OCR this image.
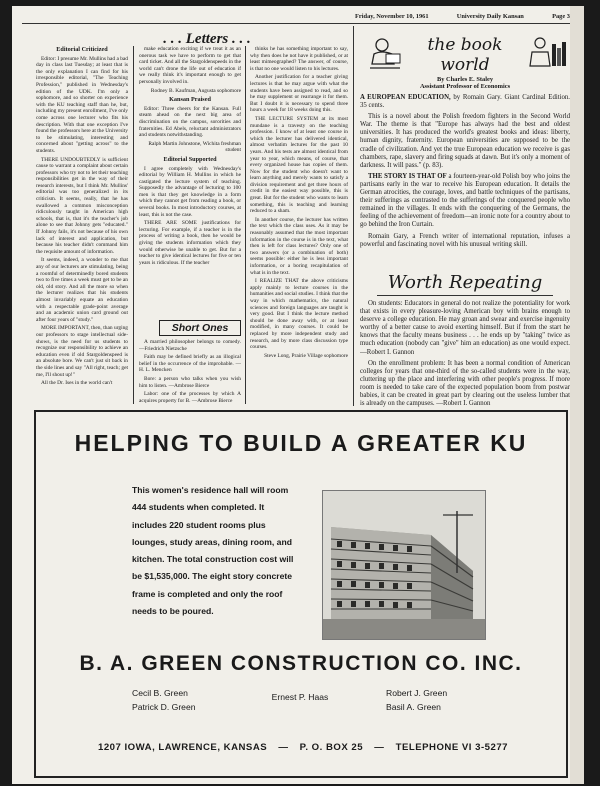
Friday, November 10, 1961	University Daily Kansan	Page 3
. . . Letters . . .
Editorial Criticized

Editor: I presume Mr. Mullins had a bad day in class last Tuesday; at least that is the only explanation I can find for his irresponsible editorial, "The Teaching Profession," published in Wednesday's edition of the UDK. I'm only a sophomore, and so shorter on experience with the KU teaching staff than he, but, including my present enrollment, I've only come across one lecturer who fits his description. With that one exception I've found the professors here at the University to be stimulating, interesting and concerned about "getting across" to the students.

THERE UNDOUBTEDLY is sufficient cause to warrant a complaint about certain professors who try not to let their teaching responsibilities get in the way of their research interests, but I think Mr. Mullins' editorial was too generalized in its criticism. It seems, really, that he has swallowed a common misconception ridiculously taught in American high schools, that is, that it's the teacher's job alone to see that Johnny gets "educated." If Johnny fails, it's not because of his own lack of interest and application, but because his teacher didn't command him the requisite amount of information.

It seems, indeed, a wonder to me that any of our lecturers are stimulating, being a roomful of determinedly bored students two to five times a week must get to be an old, old story. And all the more so when the lecturer realizes that his students almost invariably equate an education with a respectable grade-point average and an academic union card ground out after four years of "study."

MORE IMPORTANT, then, than urging our professors to stage intellectual side-shows, is the need for us students to recognize our responsibility to achieve an education even if old Stargoldenspeed is an absolute bore. We can't just sit back in the side lines and say "All right, teach; get me, I'll shout up!"

All the Dr. Ises in the world can't

make education exciting if we treat it as an onerous task we have to perform to get that card ticket. And all the Stargoldenspeeds in the world can't drone the life out of education if we really think it's important enough to get personally involved in.

Rodney B. Kaufman, Augusta sophomore
Kansan Praised

Editor: Three cheers for the Kansan. Full steam ahead on the next big area of discrimination on the campus, sororities and fraternities. Ed Abels, reluctant administrators and students notwithstanding.

Ralph Martin Johnstone, Wichita freshman student
Editorial Supported

I agree completely with Wednesday's editorial by William H. Mullins in which he castigated the lecture system of teaching. Supposedly the advantage of lecturing to 100 men is that they get knowledge in a form which they cannot get from reading a book, or several books. In most introductory courses, at least, this is not the case.

THERE ARE SOME justifications for lecturing. For example, if a teacher is in the process of writing a book, then he would be giving the students information which they would otherwise be unable to get. But for a teacher to give identical lectures for five or ten years is ridiculous. If the teacher

Short Ones

A married philosopher belongs to comedy. —Friedrich Nietzsche

Faith may be defined briefly as an illogical belief in the occurrence of the improbable. —H. L. Mencken

Bore: a person who talks when you wish him to listen. —Ambrose Bierce

Labor: one of the processes by which A acquires property for B. —Ambrose Bierce

thinks he has something important to say, why then does he not have it published, or at least mimeographed? The answer, of course, is that no one would listen to his lectures.

Another justification for a teacher giving lectures is that he may argue with what the students have been assigned to read, and so he may supplement or rearrange it for them. But I doubt it is necessary to spend three hours a week for 18 weeks doing this.

THE LECTURE SYSTEM at its most mundane is a travesty on the teaching profession. I know of at least one course in which the lecturer has delivered identical, almost verbatim lectures for the past 10 years. And his tests are almost identical from year to year, which means, of course, that every organized house has copies of them. Now for the student who doesn't want to learn anything and merely wants to satisfy a division requirement and get three hours of credit in the easiest way possible, this is great. But for the student who wants to learn something, this is teaching and learning reduced to a sham.

In another course, the lecturer has written the text which the class uses. As it may be reasonably assumed that the most important information in the course is in the text, what then is left for class lectures? Only one of two answers (or a combination of both) seems possible: either he is less important information, or a boring recapitulation of what is in the text.

I REALIZE THAT the above criticisms apply mainly to lecture courses in the humanities and social studies. I think that the way in which mathematics, the natural sciences and foreign languages are taught is very good. But I think the lecture method should be done away with, or at least modified, in many courses. It could be replaced by more independent study and research, and by more class discussion type courses.

Steve Long, Prairie Village sophomore
the book world
By Charles E. Staley
Assistant Professor of Economics

A EUROPEAN EDUCATION, by Romain Gary. Giant Cardinal Edition. 35 cents.

This is a novel about the Polish freedom fighters in the Second World War. The theme is that "Europe has always had the best and oldest universities. It has produced the world's greatest books and ideas: liberty, human dignity, fraternity. European universities are supposed to be the cradle of civilization. And yet the true European education we receive is gas chambers, rape, slavery and firing squads at dawn. But it's only a moment of darkness. It will pass." (p. 83).

THE STORY IS THAT OF a fourteen-year-old Polish boy who joins the partisans early in the war to receive his European education. It details the German atrocities, the courage, loves, and battle techniques of the partisans, their sufferings as contrasted to the sufferings of the conquered people who remained in the villages. It ends with the conquering of the Germans, the feeling of the achievement of freedom—an ironic note for a country about to go behind the Iron Curtain.

Romain Gary, a French writer of international reputation, infuses a powerful and fascinating novel with his unusual writing skill.

Worth Repeating

On students: Educators in general do not realize the potentiality for work that exists in every pleasure-loving American boy with brains enough to deserve a college education. He may groan and swear and exercise ingenuity worthy of a better cause to avoid exerting himself. But if from the start he knows that the faculty means business . . . he ends up by "taking" twice as much education (nobody can "give" him an education) as one would expect. —Robert I. Gannon

On the enrollment problem: It has been a normal condition of American colleges for years that one-third of the so-called students were in the way, cluttering up the place and interfering with other people's progress. If more room is needed to take care of the expected population boom from postwar babies, it can be created in great part by clearing out the useless lumber that is already on the campuses. —Robert I. Gannon

HELPING TO BUILD A GREATER KU
This women's residence hall will room 444 students when completed. It includes 220 student rooms plus lounges, study areas, dining room, and kitchen. The total construction cost will be $1,535,000. The eight story concrete frame is completed and only the roof needs to be poured.
B. A. GREEN CONSTRUCTION CO. INC.
Cecil B. Green
Patrick D. Green
Ernest P. Haas	Robert J. Green
Basil A. Green
1207 IOWA, LAWRENCE, KANSAS — P. O. BOX 25 — TELEPHONE VI 3-5277
